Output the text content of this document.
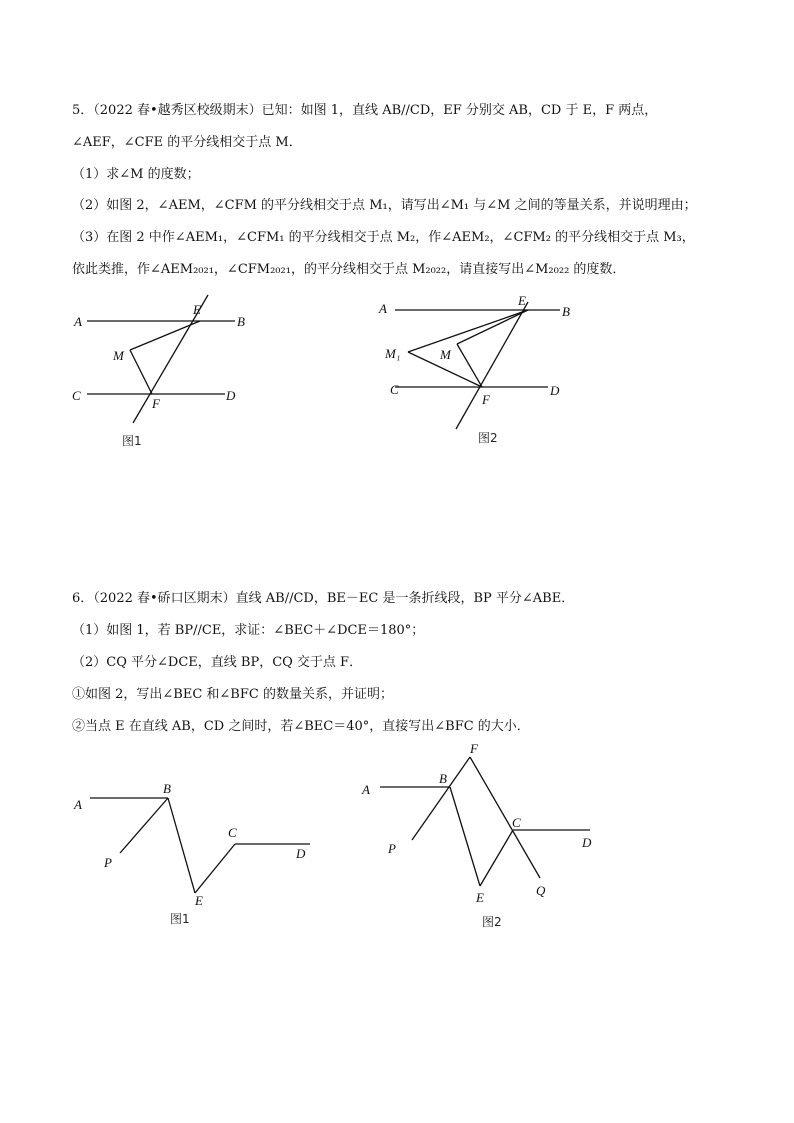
5．（2022 春•越秀区校级期末）已知：如图 1，直线 AB//CD，EF 分别交 AB，CD 于 E，F 两点，
∠AEF，∠CFE 的平分线相交于点 M．
（1）求∠M 的度数；
（2）如图 2，∠AEM，∠CFM 的平分线相交于点 M₁，请写出∠M₁ 与∠M 之间的等量关系，并说明理由；
（3）在图 2 中作∠AEM₁，∠CFM₁ 的平分线相交于点 M₂，作∠AEM₂，∠CFM₂ 的平分线相交于点 M₃，
依此类推，作∠AEM₂₀₂₁，∠CFM₂₀₂₁，的平分线相交于点 M₂₀₂₂，请直接写出∠M₂₀₂₂ 的度数．
A	B
C	D
E
F
M
图1
A	B
C	D
E
F
M
M₁
图2
6．（2022 春•硚口区期末）直线 AB//CD，BE－EC 是一条折线段，BP 平分∠ABE．
（1）如图 1，若 BP//CE，求证：∠BEC＋∠DCE＝180°；
（2）CQ 平分∠DCE，直线 BP，CQ 交于点 F．
①如图 2，写出∠BEC 和∠BFC 的数量关系，并证明；
②当点 E 在直线 AB，CD 之间时，若∠BEC＝40°，直接写出∠BFC 的大小．
A
B
C
D
E
P
图1
A
B
C
D
E
F
P
Q
图2
